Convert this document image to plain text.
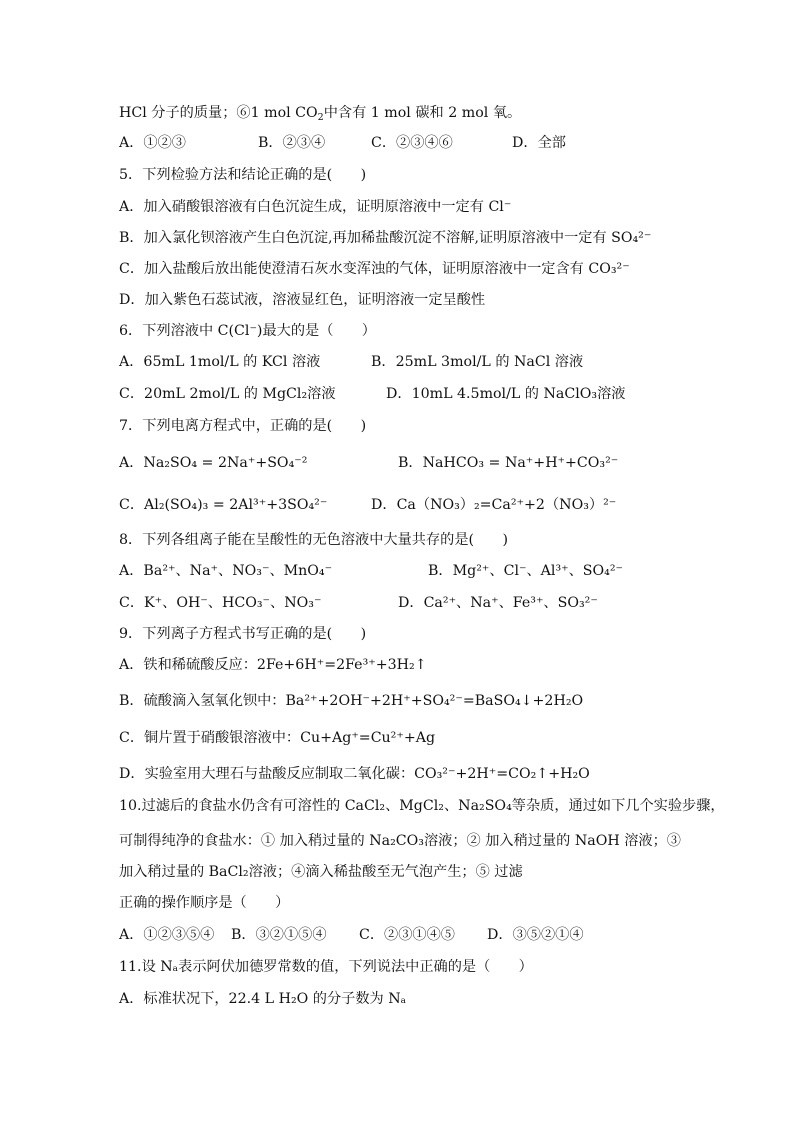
HCl 分子的质量；⑥1 mol $CO_2$中含有 1 mol 碳和 2 mol 氧。
A．①②③	B．②③④	C．②③④⑥	D．全部
5．下列检验方法和结论正确的是(　　)
A．加入硝酸银溶液有白色沉淀生成，证明原溶液中一定有 Cl⁻
B．加入氯化钡溶液产生白色沉淀,再加稀盐酸沉淀不溶解,证明原溶液中一定有 SO₄²⁻
C．加入盐酸后放出能使澄清石灰水变浑浊的气体，证明原溶液中一定含有 CO₃²⁻
D．加入紫色石蕊试液，溶液显红色，证明溶液一定呈酸性
6．下列溶液中 C(Cl⁻)最大的是（　　）
A．65mL 1mol/L 的 KCl 溶液	B．25mL 3mol/L 的 NaCl 溶液
C．20mL 2mol/L 的 MgCl₂溶液	D．10mL 4.5mol/L 的 NaClO₃溶液
7．下列电离方程式中，正确的是(　　)
A．Na₂SO₄ = 2Na⁺+SO₄⁻²	B．NaHCO₃ = Na⁺+H⁺+CO₃²⁻
C．Al₂(SO₄)₃ = 2Al³⁺+3SO₄²⁻	D．Ca（NO₃）₂=Ca²⁺+2（NO₃）²⁻
8．下列各组离子能在呈酸性的无色溶液中大量共存的是(　　)
A．Ba²⁺、Na⁺、NO₃⁻、MnO₄⁻	B．Mg²⁺、Cl⁻、Al³⁺、SO₄²⁻
C．K⁺、OH⁻、HCO₃⁻、NO₃⁻	D．Ca²⁺、Na⁺、Fe³⁺、SO₃²⁻
9．下列离子方程式书写正确的是(　　)
A．铁和稀硫酸反应：2Fe+6H⁺=2Fe³⁺+3H₂↑
B．硫酸滴入氢氧化钡中：Ba²⁺+2OH⁻+2H⁺+SO₄²⁻=BaSO₄↓+2H₂O
C．铜片置于硝酸银溶液中：Cu+Ag⁺=Cu²⁺+Ag
D．实验室用大理石与盐酸反应制取二氧化碳：CO₃²⁻+2H⁺=CO₂↑+H₂O
10.过滤后的食盐水仍含有可溶性的 CaCl₂、MgCl₂、Na₂SO₄等杂质，通过如下几个实验步骤，
可制得纯净的食盐水：① 加入稍过量的 Na₂CO₃溶液；② 加入稍过量的 NaOH 溶液；③
加入稍过量的 BaCl₂溶液；④滴入稀盐酸至无气泡产生；⑤ 过滤
正确的操作顺序是（　　）
A．①②③⑤④ B．③②①⑤④ C．②③①④⑤ D．③⑤②①④
11.设 Nₐ表示阿伏加德罗常数的值，下列说法中正确的是（　　）
A．标准状况下，22.4 L H₂O 的分子数为 Nₐ
